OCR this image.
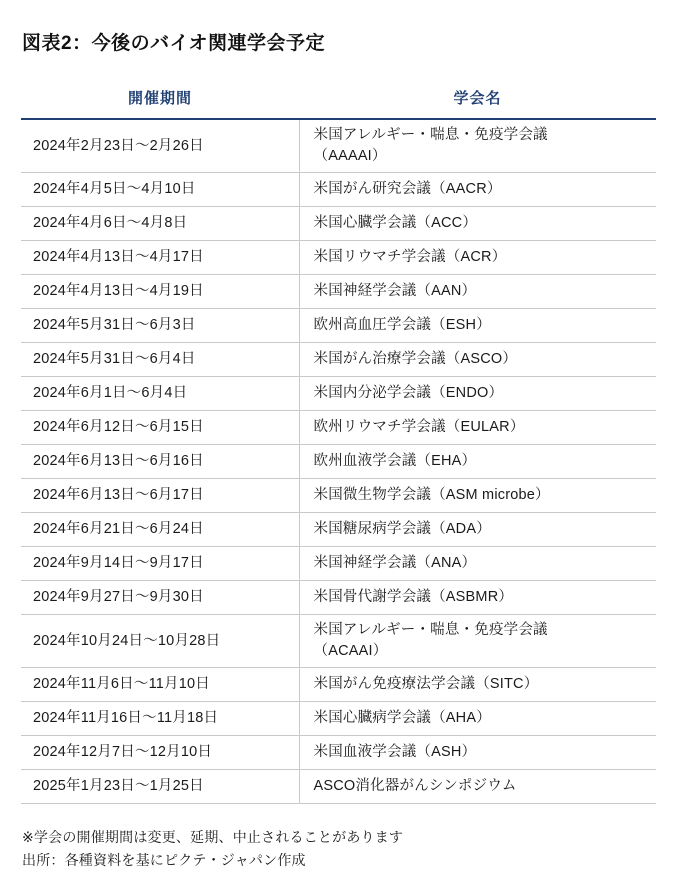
図表2：今後のバイオ関連学会予定
開催期間	学会名
2024年2月23日〜2月26日	米国アレルギー・喘息・免疫学会議
（AAAAI）

2024年4月5日〜4月10日	米国がん研究会議（AACR）
2024年4月6日〜4月8日	米国心臓学会議（ACC）
2024年4月13日〜4月17日	米国リウマチ学会議（ACR）
2024年4月13日〜4月19日	米国神経学会議（AAN）
2024年5月31日〜6月3日	欧州高血圧学会議（ESH）
2024年5月31日〜6月4日	米国がん治療学会議（ASCO）
2024年6月1日〜6月4日	米国内分泌学会議（ENDO）
2024年6月12日〜6月15日	欧州リウマチ学会議（EULAR）
2024年6月13日〜6月16日	欧州血液学会議（EHA）
2024年6月13日〜6月17日	米国微生物学会議（ASM microbe）
2024年6月21日〜6月24日	米国糖尿病学会議（ADA）
2024年9月14日〜9月17日	米国神経学会議（ANA）
2024年9月27日〜9月30日	米国骨代謝学会議（ASBMR）
2024年10月24日〜10月28日	米国アレルギー・喘息・免疫学会議
（ACAAI）

2024年11月6日〜11月10日	米国がん免疫療法学会議（SITC）
2024年11月16日〜11月18日	米国心臓病学会議（AHA）
2024年12月7日〜12月10日	米国血液学会議（ASH）
2025年1月23日〜1月25日	ASCO消化器がんシンポジウム
※学会の開催期間は変更、延期、中止されることがあります
出所：各種資料を基にピクテ・ジャパン作成
